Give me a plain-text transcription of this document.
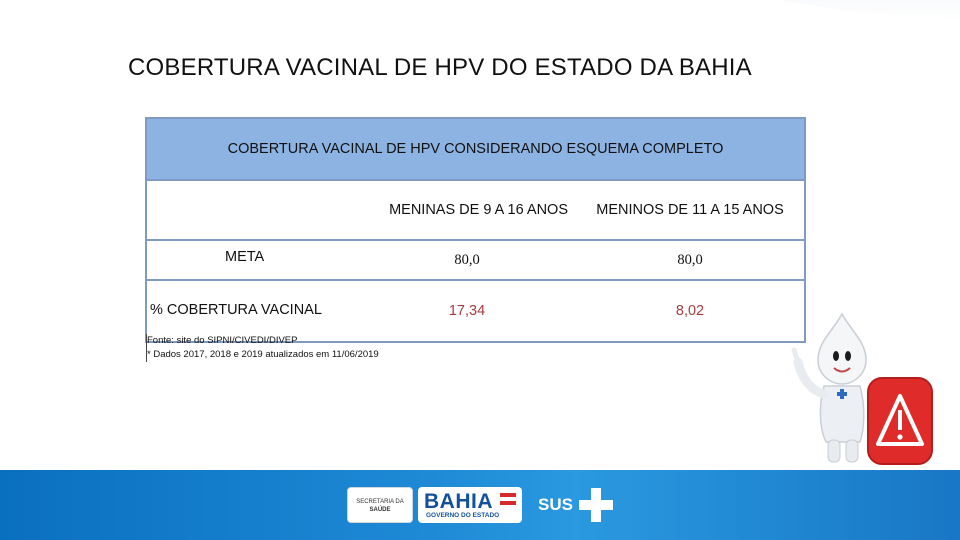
COBERTURA VACINAL DE HPV DO ESTADO DA BAHIA
COBERTURA VACINAL DE HPV CONSIDERANDO ESQUEMA COMPLETO		
	MENINAS DE 9 A 16 ANOS	MENINOS DE 11 A 15 ANOS
META	80,0	80,0
% COBERTURA VACINAL	17,34	8,02
Fonte: site do SIPNI/CIVEDI/DIVEP
* Dados 2017, 2018 e 2019 atualizados em 11/06/2019
SECRETARIA DA
SAÚDE	BAHIA
GOVERNO DO ESTADO
SUS
